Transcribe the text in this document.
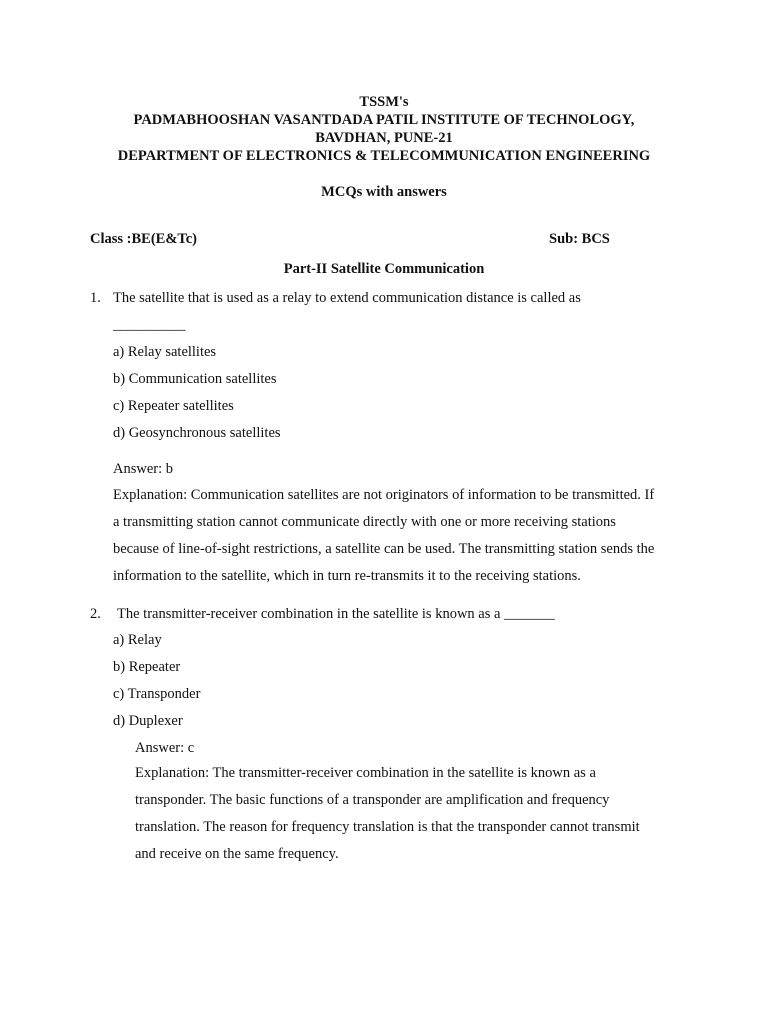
TSSM's
PADMABHOOSHAN VASANTDADA PATIL INSTITUTE OF TECHNOLOGY,
BAVDHAN, PUNE-21
DEPARTMENT OF ELECTRONICS & TELECOMMUNICATION ENGINEERING
MCQs with answers
Class :BE(E&Tc)	Sub: BCS
Part-II Satellite Communication
1. The satellite that is used as a relay to extend communication distance is called as
__________
a) Relay satellites
b) Communication satellites
c) Repeater satellites
d) Geosynchronous satellites
Answer: b
Explanation: Communication satellites are not originators of information to be transmitted. If
a transmitting station cannot communicate directly with one or more receiving stations
because of line-of-sight restrictions, a satellite can be used. The transmitting station sends the
information to the satellite, which in turn re-transmits it to the receiving stations.
2. The transmitter-receiver combination in the satellite is known as a _______
a) Relay
b) Repeater
c) Transponder
d) Duplexer
Answer: c
Explanation: The transmitter-receiver combination in the satellite is known as a
transponder. The basic functions of a transponder are amplification and frequency
translation. The reason for frequency translation is that the transponder cannot transmit
and receive on the same frequency.
